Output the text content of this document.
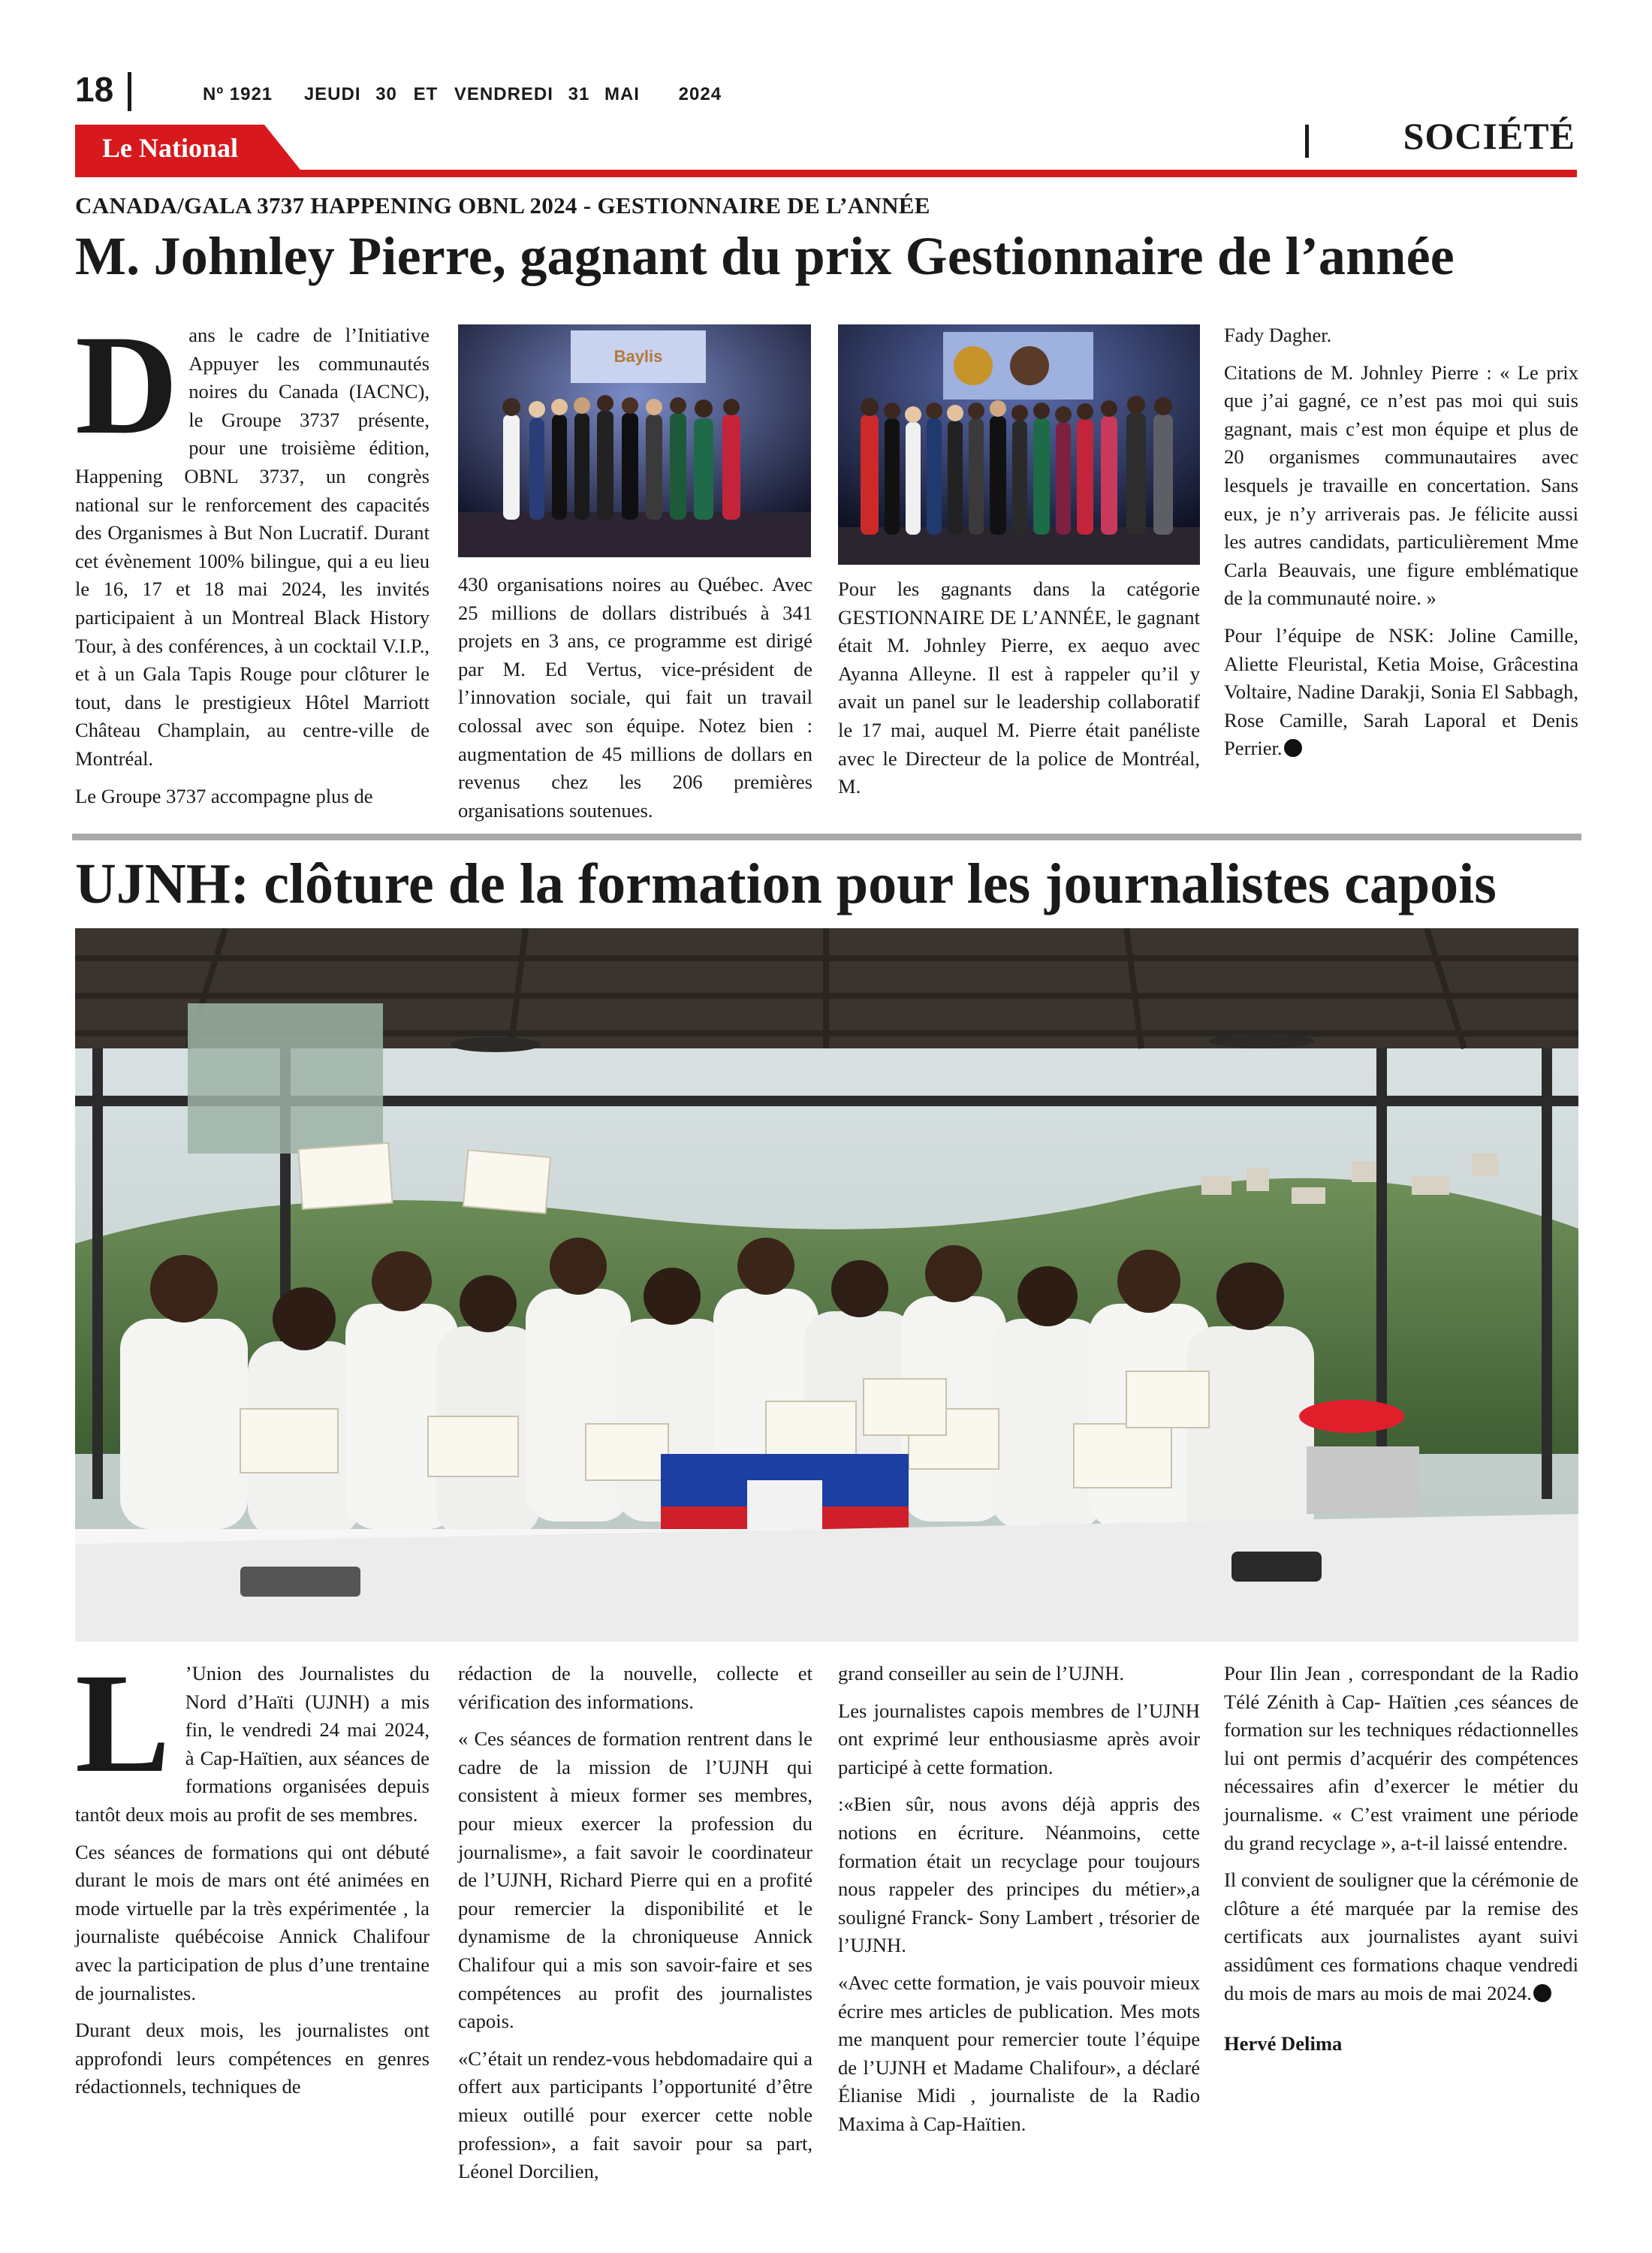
18	Nº 1921 JEUDI 30 ET VENDREDI 31 MAI 2024
Le National	SOCIÉTÉ
CANADA/GALA 3737 HAPPENING OBNL 2024 - GESTIONNAIRE DE L’ANNÉE
M. Johnley Pierre, gagnant du prix Gestionnaire de l’année

Dans le cadre de l’Initiative Appuyer les communautés noires du Canada (IACNC), le Groupe 3737 présente, pour une troisième édition, Happening OBNL 3737, un congrès national sur le renforcement des capacités des Organismes à But Non Lucratif. Durant cet évènement 100% bilingue, qui a eu lieu le 16, 17 et 18 mai 2024, les invités participaient à un Montreal Black History Tour, à des conférences, à un cocktail V.I.P., et à un Gala Tapis Rouge pour clôturer le tout, dans le prestigieux Hôtel Marriott Château Champlain, au centre-ville de Montréal.

Le Groupe 3737 accompagne plus de

Baylis

430 organisations noires au Québec. Avec 25 millions de dollars distribués à 341 projets en 3 ans, ce programme est dirigé par M. Ed Vertus, vice-président de l’innovation sociale, qui fait un travail colossal avec son équipe. Notez bien : augmentation de 45 millions de dollars en revenus chez les 206 premières organisations soutenues.

Pour les gagnants dans la catégorie GESTIONNAIRE DE L’ANNÉE, le gagnant était M. Johnley Pierre, ex aequo avec Ayanna Alleyne. Il est à rappeler qu’il y avait un panel sur le leadership collaboratif le 17 mai, auquel M. Pierre était panéliste avec le Directeur de la police de Montréal, M.

Fady Dagher.

Citations de M. Johnley Pierre : « Le prix que j’ai gagné, ce n’est pas moi qui suis gagnant, mais c’est mon équipe et plus de 20 organismes communautaires avec lesquels je travaille en concertation. Sans eux, je n’y arriverais pas. Je félicite aussi les autres candidats, particulièrement Mme Carla Beauvais, une figure emblématique de la communauté noire. »

Pour l’équipe de NSK: Joline Camille, Aliette Fleuristal, Ketia Moise, Grâcestina Voltaire, Nadine Darakji, Sonia El Sabbagh, Rose Camille, Sarah Laporal et Denis Perrier.

UJNH: clôture de la formation pour les journalistes capois

L ’Union des Journalistes du Nord d’Haïti (UJNH) a mis fin, le vendredi 24 mai 2024, à Cap-Haïtien, aux séances de formations organisées depuis tantôt deux mois au profit de ses membres.

Ces séances de formations qui ont débuté durant le mois de mars ont été animées en mode virtuelle par la très expérimentée , la journaliste québécoise Annick Chalifour avec la participation de plus d’une trentaine de journalistes.

Durant deux mois, les journalistes ont approfondi leurs compétences en genres rédactionnels, techniques de

rédaction de la nouvelle, collecte et vérification des informations.

« Ces séances de formation rentrent dans le cadre de la mission de l’UJNH qui consistent à mieux former ses membres, pour mieux exercer la profession du journalisme», a fait savoir le coordinateur de l’UJNH, Richard Pierre qui en a profité pour remercier la disponibilité et le dynamisme de la chroniqueuse Annick Chalifour qui a mis son savoir-faire et ses compétences au profit des journalistes capois.

«C’était un rendez-vous hebdomadaire qui a offert aux participants l’opportunité d’être mieux outillé pour exercer cette noble profession», a fait savoir pour sa part, Léonel Dorcilien,

grand conseiller au sein de l’UJNH.

Les journalistes capois membres de l’UJNH ont exprimé leur enthousiasme après avoir participé à cette formation.

:«Bien sûr, nous avons déjà appris des notions en écriture. Néanmoins, cette formation était un recyclage pour toujours nous rappeler des principes du métier»,a souligné Franck- Sony Lambert , trésorier de l’UJNH.

«Avec cette formation, je vais pouvoir mieux écrire mes articles de publication. Mes mots me manquent pour remercier toute l’équipe de l’UJNH et Madame Chalifour», a déclaré Élianise Midi , journaliste de la Radio Maxima à Cap-Haïtien.

Pour Ilin Jean , correspondant de la Radio Télé Zénith à Cap- Haïtien ,ces séances de formation sur les techniques rédactionnelles lui ont permis d’acquérir des compétences nécessaires afin d’exercer le métier du journalisme. « C’est vraiment une période du grand recyclage », a-t-il laissé entendre.

Il convient de souligner que la cérémonie de clôture a été marquée par la remise des certificats aux journalistes ayant suivi assidûment ces formations chaque vendredi du mois de mars au mois de mai 2024.

Hervé Delima
